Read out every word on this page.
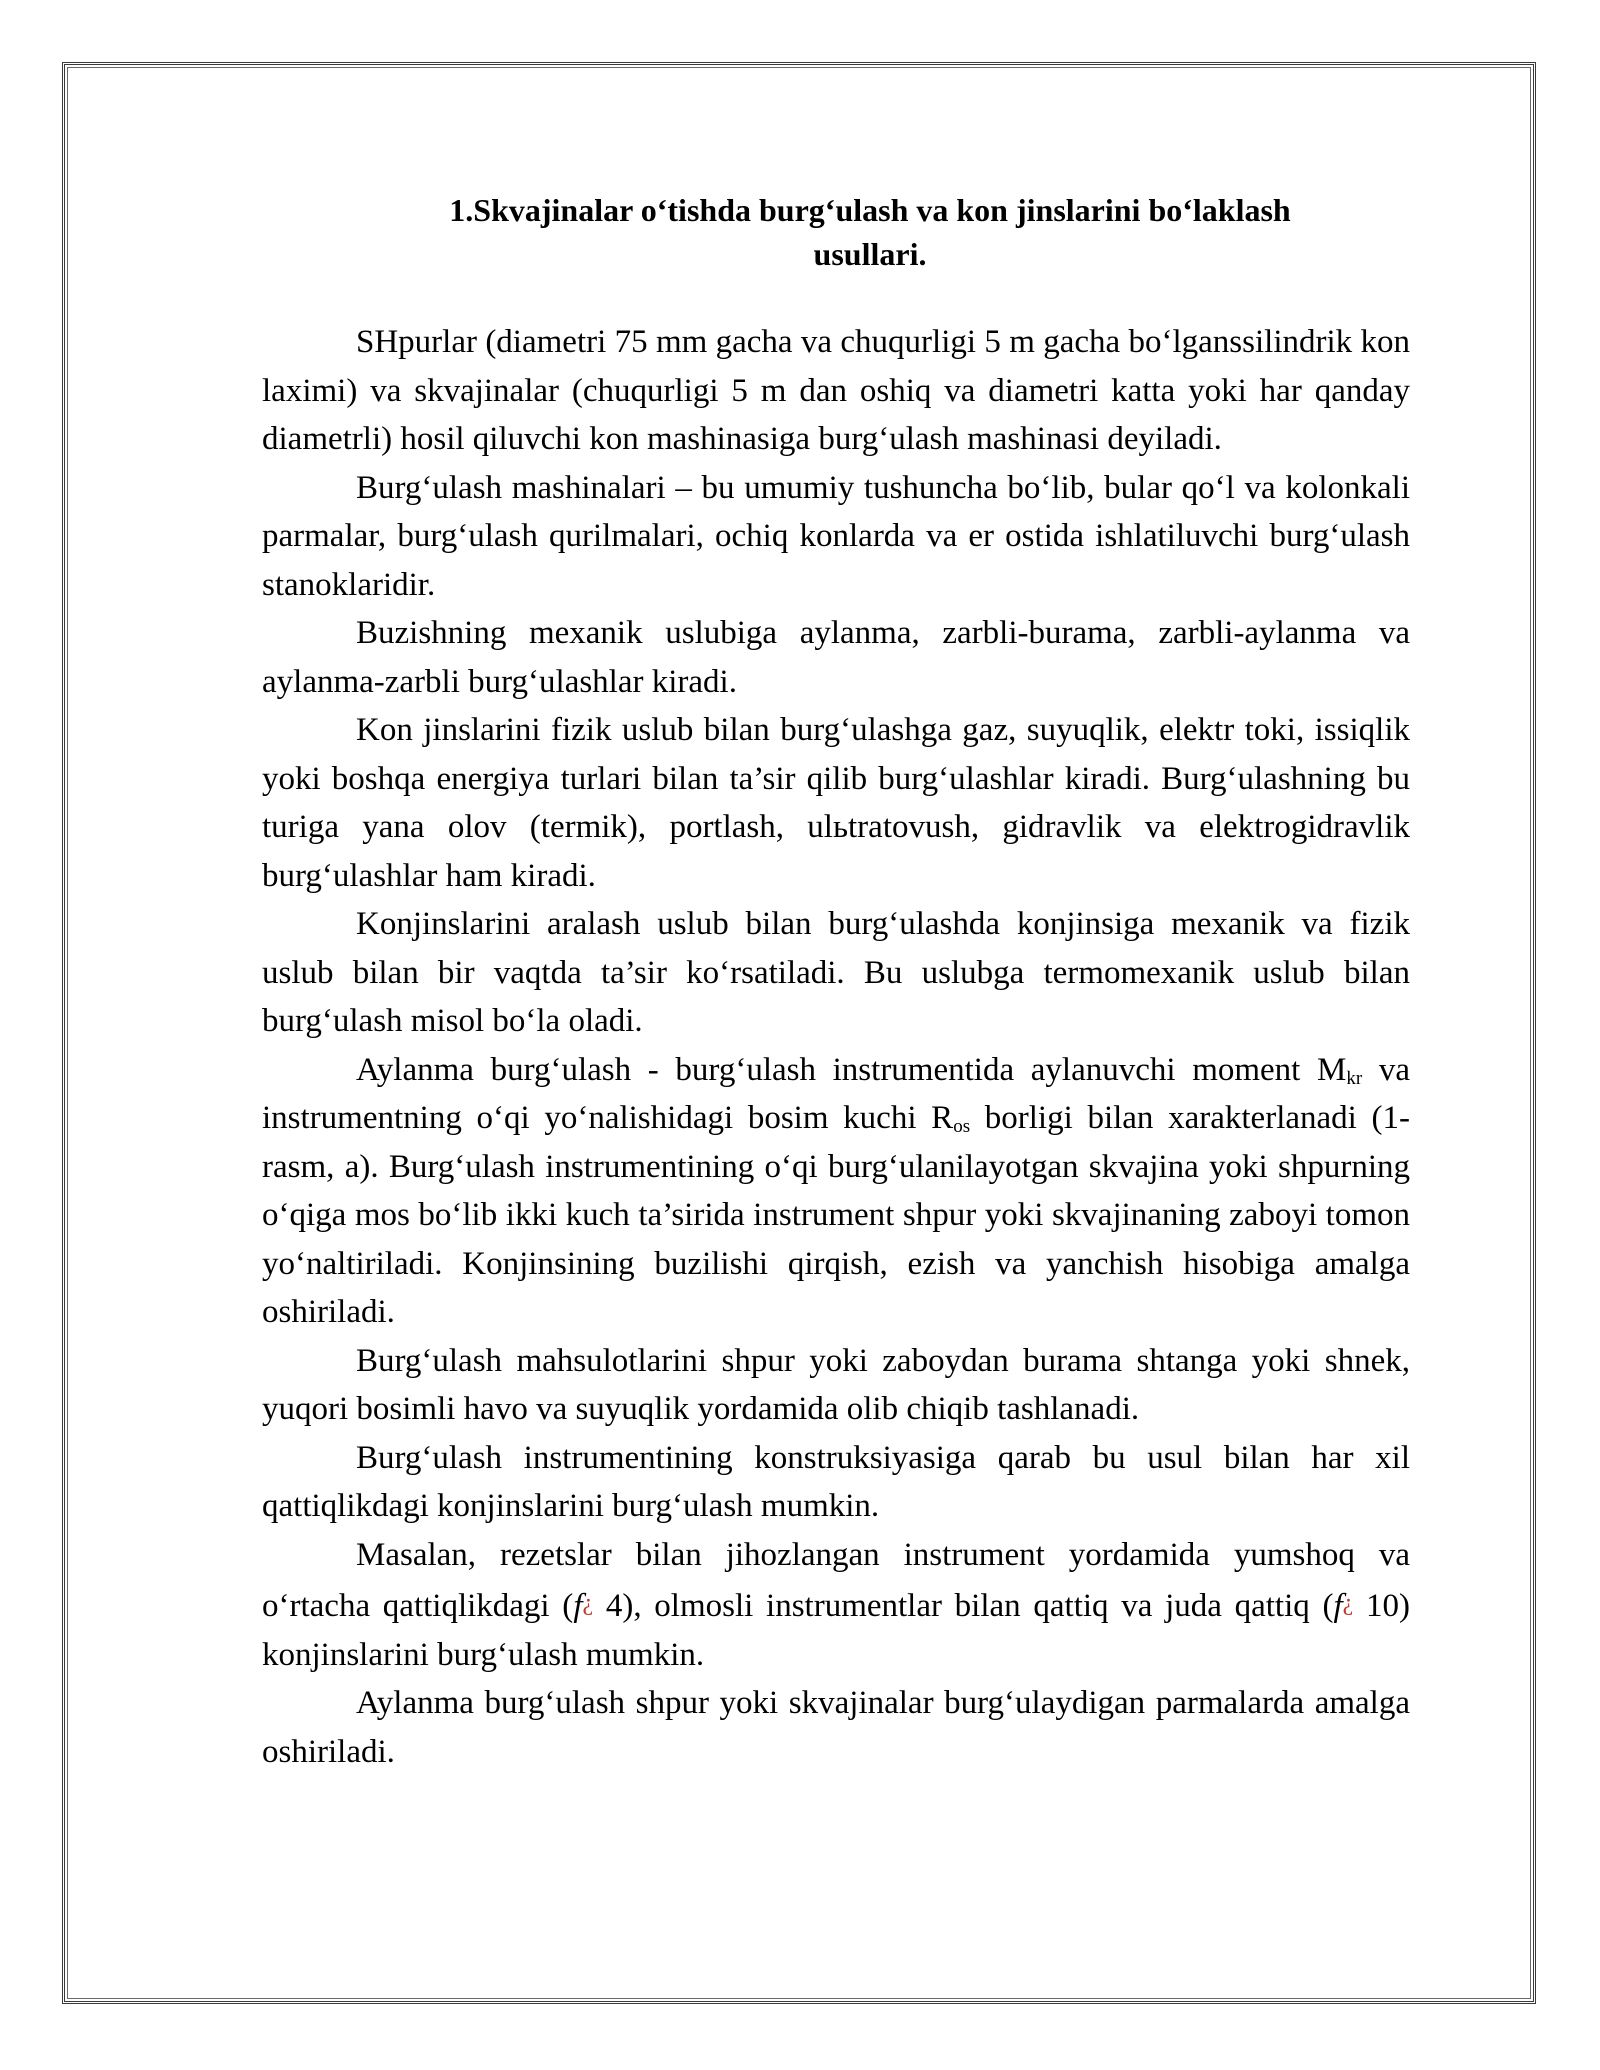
1.Skvajinalar o‘tishda burg‘ulash va kon jinslarini bo‘laklash
usullari.

SHpurlar (diametri 75 mm gacha va chuqurligi 5 m gacha bo‘lganssilindrik kon laximi) va skvajinalar (chuqurligi 5 m dan oshiq va diametri katta yoki har qanday diametrli) hosil qiluvchi kon mashinasiga burg‘ulash mashinasi deyiladi.

Burg‘ulash mashinalari – bu umumiy tushuncha bo‘lib, bular qo‘l va kolonkali parmalar, burg‘ulash qurilmalari, ochiq konlarda va er ostida ishlatiluvchi burg‘ulash stanoklaridir.

Buzishning mexanik uslubiga aylanma, zarbli-burama, zarbli-aylanma va aylanma-zarbli burg‘ulashlar kiradi.

Kon jinslarini fizik uslub bilan burg‘ulashga gaz, suyuqlik, elektr toki, issiqlik yoki boshqa energiya turlari bilan ta’sir qilib burg‘ulashlar kiradi. Burg‘ulashning bu turiga yana olov (termik), portlash, ulьtratovush, gidravlik va elektrogidravlik burg‘ulashlar ham kiradi.

Konjinslarini aralash uslub bilan burg‘ulashda konjinsiga mexanik va fizik uslub bilan bir vaqtda ta’sir ko‘rsatiladi. Bu uslubga termomexanik uslub bilan burg‘ulash misol bo‘la oladi.

Aylanma burg‘ulash - burg‘ulash instrumentida aylanuvchi moment $M_{kr}$ va instrumentning o‘qi yo‘nalishidagi bosim kuchi $R_{os}$ borligi bilan xarakterlanadi (1-rasm, a). Burg‘ulash instrumentining o‘qi burg‘ulanilayotgan skvajina yoki shpurning o‘qiga mos bo‘lib ikki kuch ta’sirida instrument shpur yoki skvajinaning zaboyi tomon yo‘naltiriladi. Konjinsining buzilishi qirqish, ezish va yanchish hisobiga amalga oshiriladi.

Burg‘ulash mahsulotlarini shpur yoki zaboydan burama shtanga yoki shnek, yuqori bosimli havo va suyuqlik yordamida olib chiqib tashlanadi.

Burg‘ulash instrumentining konstruksiyasiga qarab bu usul bilan har xil qattiqlikdagi konjinslarini burg‘ulash mumkin.

Masalan, rezetslar bilan jihozlangan instrument yordamida yumshoq va o‘rtacha qattiqlikdagi (f¿ 4), olmosli instrumentlar bilan qattiq va juda qattiq (f¿ 10) konjinslarini burg‘ulash mumkin.

Aylanma burg‘ulash shpur yoki skvajinalar burg‘ulaydigan parmalarda amalga oshiriladi.
